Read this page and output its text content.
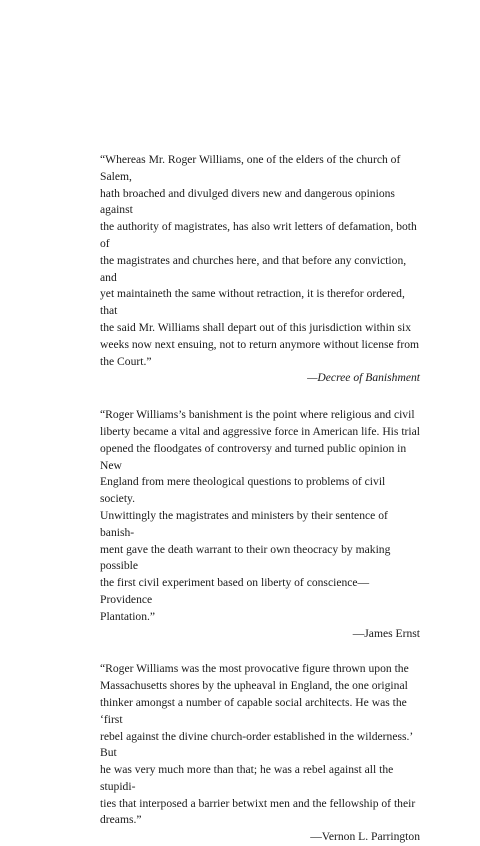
“Whereas Mr. Roger Williams, one of the elders of the church of Salem,
hath broached and divulged divers new and dangerous opinions against
the authority of magistrates, has also writ letters of defamation, both of
the magistrates and churches here, and that before any conviction, and
yet maintaineth the same without retraction, it is therefor ordered, that
the said Mr. Williams shall depart out of this jurisdiction within six
weeks now next ensuing, not to return anymore without license from
the Court.”

—Decree of Banishment

“Roger Williams’s banishment is the point where religious and civil
liberty became a vital and aggressive force in American life. His trial
opened the floodgates of controversy and turned public opinion in New
England from mere theological questions to problems of civil society.
Unwittingly the magistrates and ministers by their sentence of banish-
ment gave the death warrant to their own theocracy by making possible
the first civil experiment based on liberty of conscience—Providence
Plantation.”

—James Ernst

“Roger Williams was the most provocative figure thrown upon the
Massachusetts shores by the upheaval in England, the one original
thinker amongst a number of capable social architects. He was the ‘first
rebel against the divine church-order established in the wilderness.’ But
he was very much more than that; he was a rebel against all the stupidi-
ties that interposed a barrier betwixt men and the fellowship of their
dreams.”

—Vernon L. Parrington
